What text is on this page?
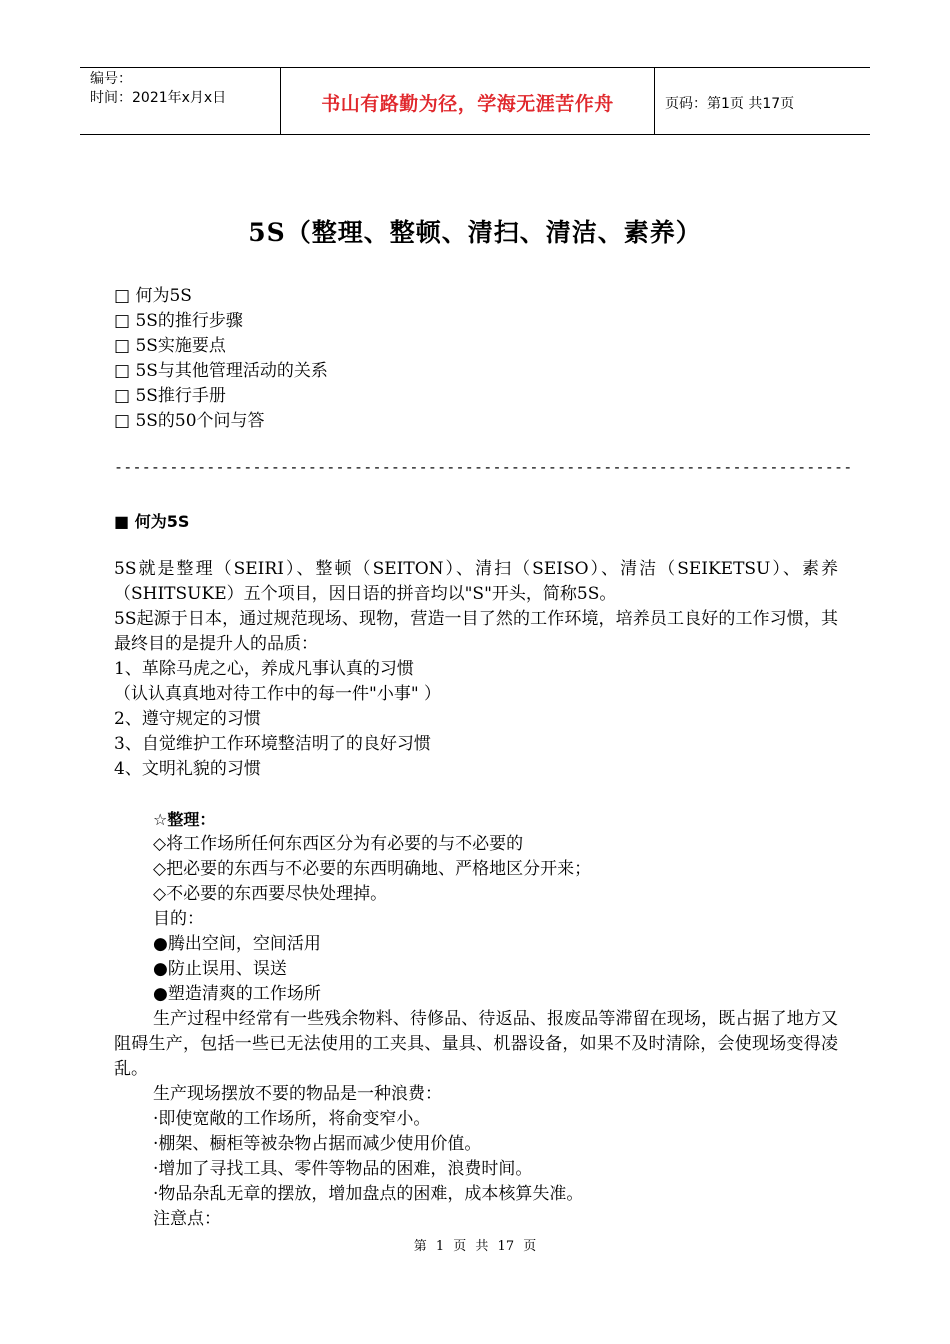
编号：
时间：2021年x月x日	书山有路勤为径，学海无涯苦作舟	页码：第1页 共17页
5S（整理、整顿、清扫、清洁、素养）
□ 何为5S
□ 5S的推行步骤
□ 5S实施要点
□ 5S与其他管理活动的关系
□ 5S推行手册
□ 5S的50个问与答
--------------------------------------------------------------------------------
■ 何为5S

5S就是整理（SEIRI）、整顿（SEITON）、清扫（SEISO）、清洁（SEIKETSU）、素养（SHITSUKE）五个项目，因日语的拼音均以"S"开头，简称5S。

5S起源于日本，通过规范现场、现物，营造一目了然的工作环境，培养员工良好的工作习惯，其最终目的是提升人的品质：

1、革除马虎之心，养成凡事认真的习惯

（认认真真地对待工作中的每一件"小事" ）

2、遵守规定的习惯

3、自觉维护工作环境整洁明了的良好习惯

4、文明礼貌的习惯

☆整理：
◇将工作场所任何东西区分为有必要的与不必要的
◇把必要的东西与不必要的东西明确地、严格地区分开来；
◇不必要的东西要尽快处理掉。
目的：
●腾出空间，空间活用
●防止误用、误送
●塑造清爽的工作场所

生产过程中经常有一些残余物料、待修品、待返品、报废品等滞留在现场，既占据了地方又阻碍生产，包括一些已无法使用的工夹具、量具、机器设备，如果不及时清除，会使现场变得凌乱。

生产现场摆放不要的物品是一种浪费：
·即使宽敞的工作场所，将俞变窄小。
·棚架、橱柜等被杂物占据而减少使用价值。
·增加了寻找工具、零件等物品的困难，浪费时间。
·物品杂乱无章的摆放，增加盘点的困难，成本核算失准。
注意点：
第 1 页 共 17 页
